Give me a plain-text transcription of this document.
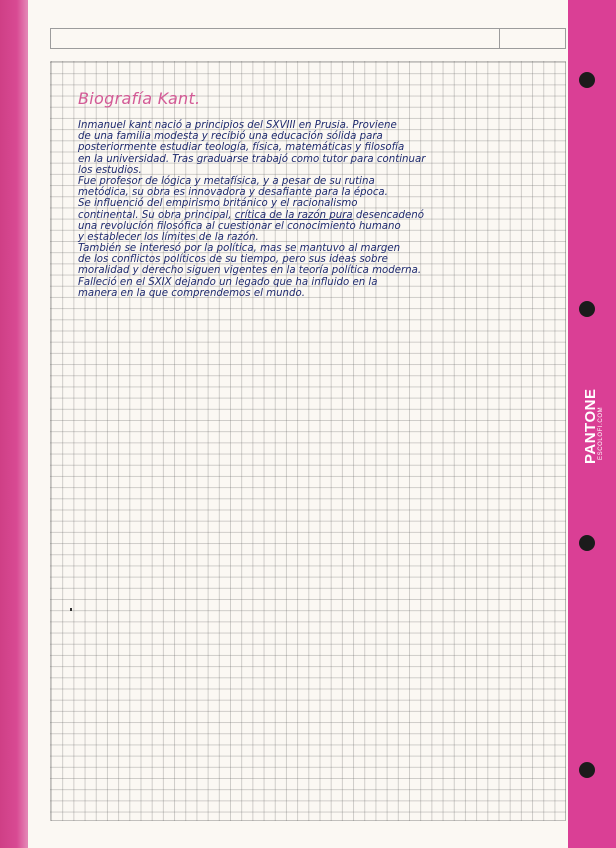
PANTONE ESCOLOFI.COM
Biografía Kant.
Inmanuel kant nació a principios del SXVIII en Prusia. Proviene
de una familia modesta y recibió una educación sólida para
posteriormente estudiar teología, física, matemáticas y filosofía
en la universidad. Tras graduarse trabajó como tutor para continuar
los estudios.
Fue profesor de lógica y metafísica, y a pesar de su rutina
metódica, su obra es innovadora y desafiante para la época.
Se influenció del empirismo británico y el racionalismo
continental. Su obra principal, crítica de la razón pura desencadenó
una revolución filosófica al cuestionar el conocimiento humano
y establecer los límites de la razón.
También se interesó por la política, mas se mantuvo al margen
de los conflictos políticos de su tiempo, pero sus ideas sobre
moralidad y derecho siguen vigentes en la teoría política moderna.
Falleció en el SXIX dejando un legado que ha influido en la
manera en la que comprendemos el mundo.
